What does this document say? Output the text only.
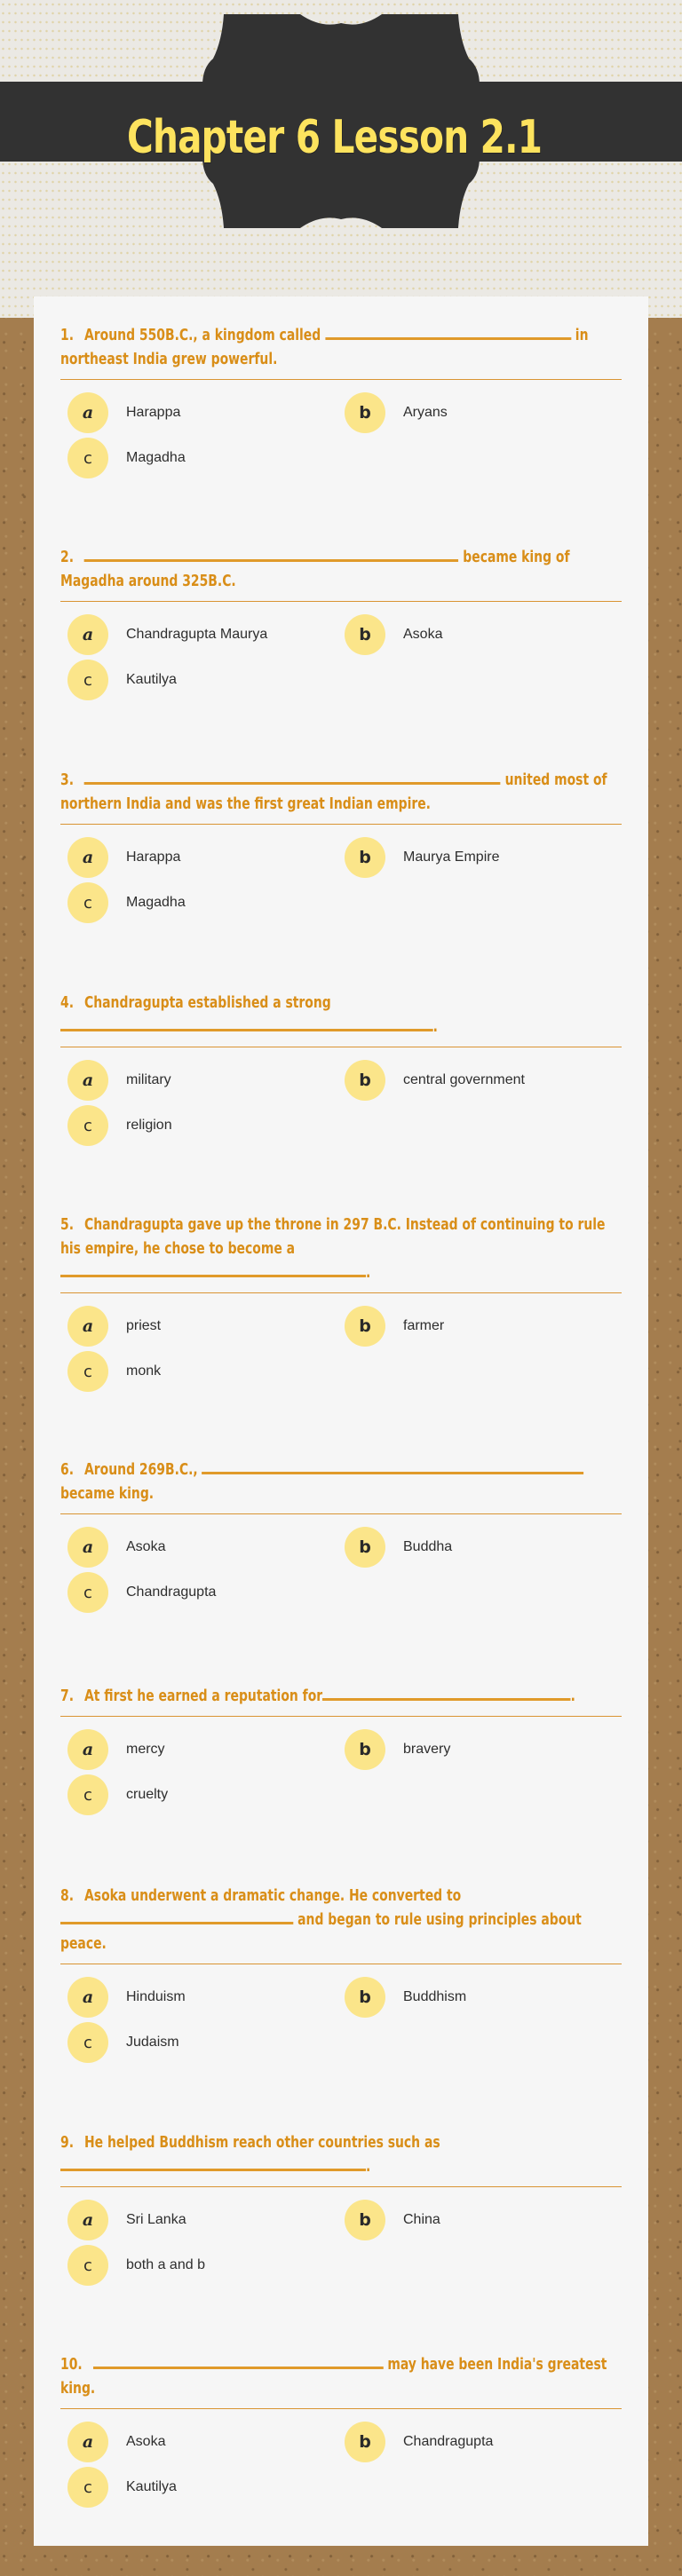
Chapter 6 Lesson 2.1
1. Around 550B.C., a kingdom called	in northeast India grew powerful.
a	Harappa	b	Aryans
c	Magadha
2.	became king of Magadha around 325B.C.
a	Chandragupta Maurya	b	Asoka
c	Kautilya
3.	united most of northern India and was the first great Indian empire.
a	Harappa	b	Maurya Empire
c	Magadha
4. Chandragupta established a strong
.
a	military	b	central government
c	religion
5. Chandragupta gave up the throne in 297 B.C. Instead of continuing to rule his empire, he chose to become a
.
a	priest	b	farmer
c	monk
6. Around 269B.C.,
became king.
a	Asoka	b	Buddha
c	Chandragupta
7. At first he earned a reputation for	.
a	mercy	b	bravery
c	cruelty
8. Asoka underwent a dramatic change. He converted to and began to rule using principles about peace.
a	Hinduism	b	Buddhism
c	Judaism
9. He helped Buddhism reach other countries such as
.
a	Sri Lanka	b	China
c	both a and b
10.	may have been India's greatest king.
a	Asoka	b	Chandragupta
c	Kautilya
